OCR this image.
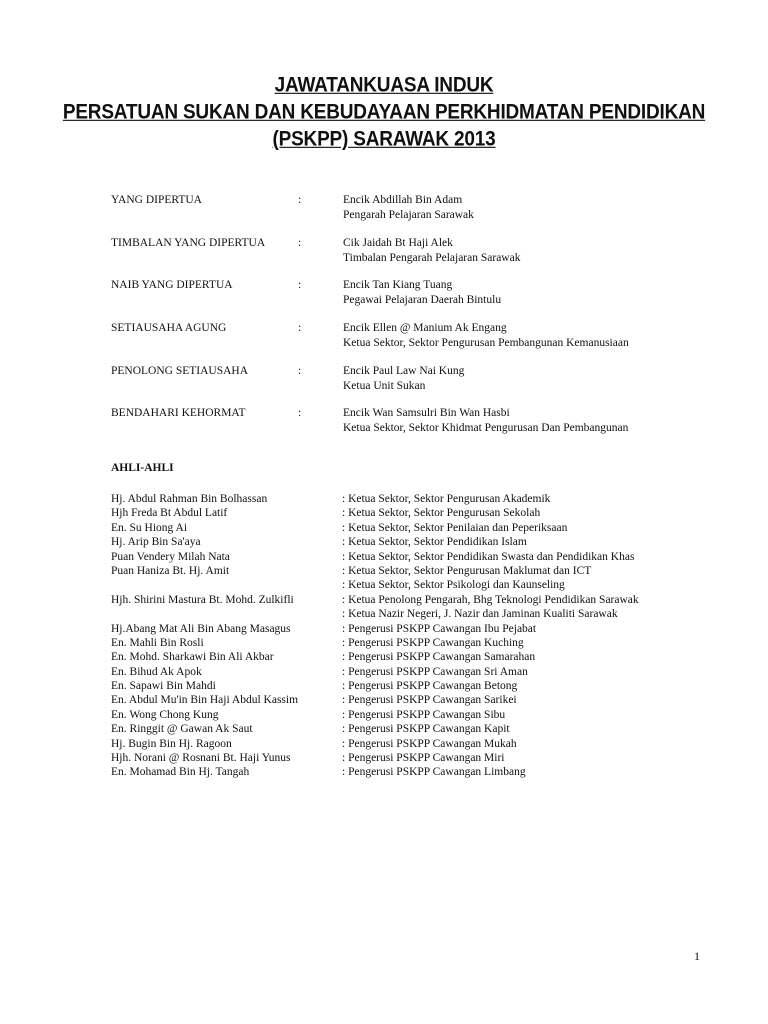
JAWATANKUASA INDUK
PERSATUAN SUKAN DAN KEBUDAYAAN PERKHIDMATAN PENDIDIKAN
(PSKPP) SARAWAK 2013
YANG DIPERTUA	:	Encik Abdillah Bin Adam
Pengarah Pelajaran Sarawak
TIMBALAN YANG DIPERTUA	:	Cik Jaidah Bt Haji Alek
Timbalan Pengarah Pelajaran Sarawak
NAIB YANG DIPERTUA	:	Encik Tan Kiang Tuang
Pegawai Pelajaran Daerah Bintulu
SETIAUSAHA AGUNG	:	Encik Ellen @ Manium Ak Engang
Ketua Sektor, Sektor Pengurusan Pembangunan Kemanusiaan
PENOLONG SETIAUSAHA	:	Encik Paul Law Nai Kung
Ketua Unit Sukan
BENDAHARI KEHORMAT	:	Encik Wan Samsulri Bin Wan Hasbi
Ketua Sektor, Sektor Khidmat Pengurusan Dan Pembangunan
AHLI-AHLI
Hj. Abdul Rahman Bin Bolhassan	: Ketua Sektor, Sektor Pengurusan Akademik
Hjh Freda Bt Abdul Latif	: Ketua Sektor, Sektor Pengurusan Sekolah
En. Su Hiong Ai	: Ketua Sektor, Sektor Penilaian dan Peperiksaan
Hj. Arip Bin Sa'aya	: Ketua Sektor, Sektor Pendidikan Islam
Puan Vendery Milah Nata	: Ketua Sektor, Sektor Pendidikan Swasta dan Pendidikan Khas
Puan Haniza Bt. Hj. Amit	: Ketua Sektor, Sektor Pengurusan Maklumat dan ICT
: Ketua Sektor, Sektor Psikologi dan Kaunseling
Hjh. Shirini Mastura Bt. Mohd. Zulkifli	: Ketua Penolong Pengarah, Bhg Teknologi Pendidikan Sarawak
: Ketua Nazir Negeri, J. Nazir dan Jaminan Kualiti Sarawak
Hj.Abang Mat Ali Bin Abang Masagus	: Pengerusi PSKPP Cawangan Ibu Pejabat
En. Mahli Bin Rosli	: Pengerusi PSKPP Cawangan Kuching
En. Mohd. Sharkawi Bin Ali Akbar	: Pengerusi PSKPP Cawangan Samarahan
En. Bihud Ak Apok	: Pengerusi PSKPP Cawangan Sri Aman
En. Sapawi Bin Mahdi	: Pengerusi PSKPP Cawangan Betong
En. Abdul Mu'in Bin Haji Abdul Kassim	: Pengerusi PSKPP Cawangan Sarikei
En. Wong Chong Kung	: Pengerusi PSKPP Cawangan Sibu
En. Ringgit @ Gawan Ak Saut	: Pengerusi PSKPP Cawangan Kapit
Hj. Bugin Bin Hj. Ragoon	: Pengerusi PSKPP Cawangan Mukah
Hjh. Norani @ Rosnani Bt. Haji Yunus	: Pengerusi PSKPP Cawangan Miri
En. Mohamad Bin Hj. Tangah	: Pengerusi PSKPP Cawangan Limbang
1
